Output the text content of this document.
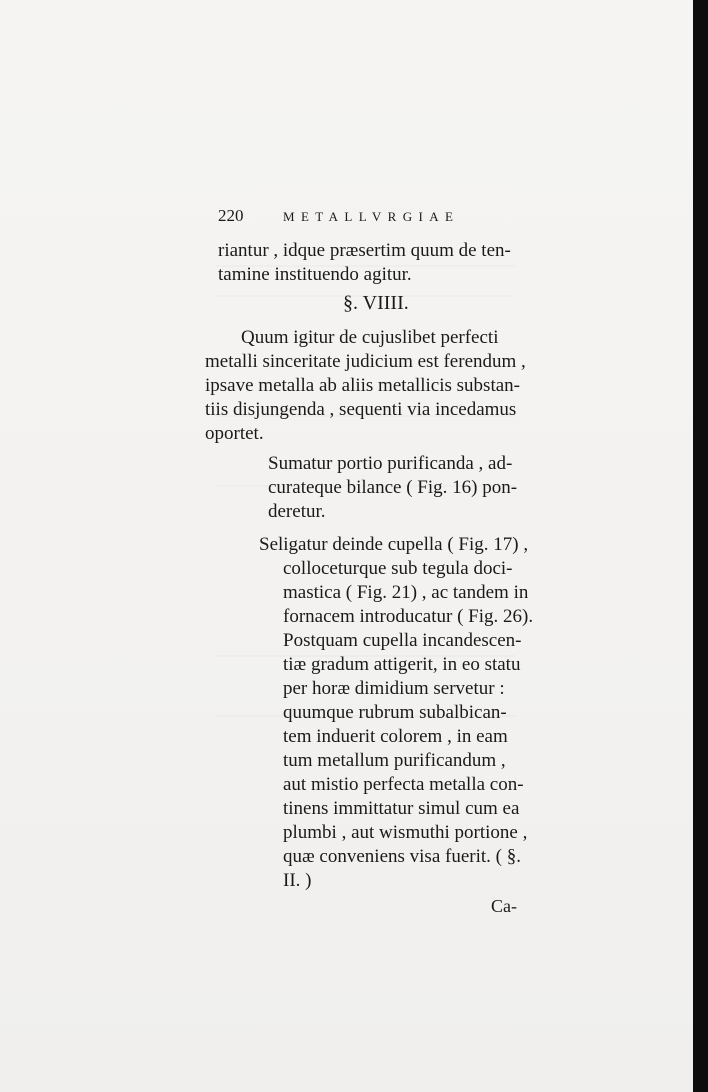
220	METALLVRGIAE
riantur , idque præsertim quum de ten-
tamine instituendo agitur.
§. VIIII.
Quum igitur de cujuslibet perfecti
metalli sinceritate judicium est ferendum ,
ipsave metalla ab aliis metallicis substan-
tiis disjungenda , sequenti via incedamus
oportet.
Sumatur portio purificanda , ad-
curateque bilance ( Fig. 16) pon-
deretur.
Seligatur deinde cupella ( Fig. 17) ,
colloceturque sub tegula doci-
mastica ( Fig. 21) , ac tandem in
fornacem introducatur ( Fig. 26).
Postquam cupella incandescen-
tiæ gradum attigerit, in eo statu
per horæ dimidium servetur :
quumque rubrum subalbican-
tem induerit colorem , in eam
tum metallum purificandum ,
aut mistio perfecta metalla con-
tinens immittatur simul cum ea
plumbi , aut wismuthi portione ,
quæ conveniens visa fuerit. ( §.
II. )
Ca-
